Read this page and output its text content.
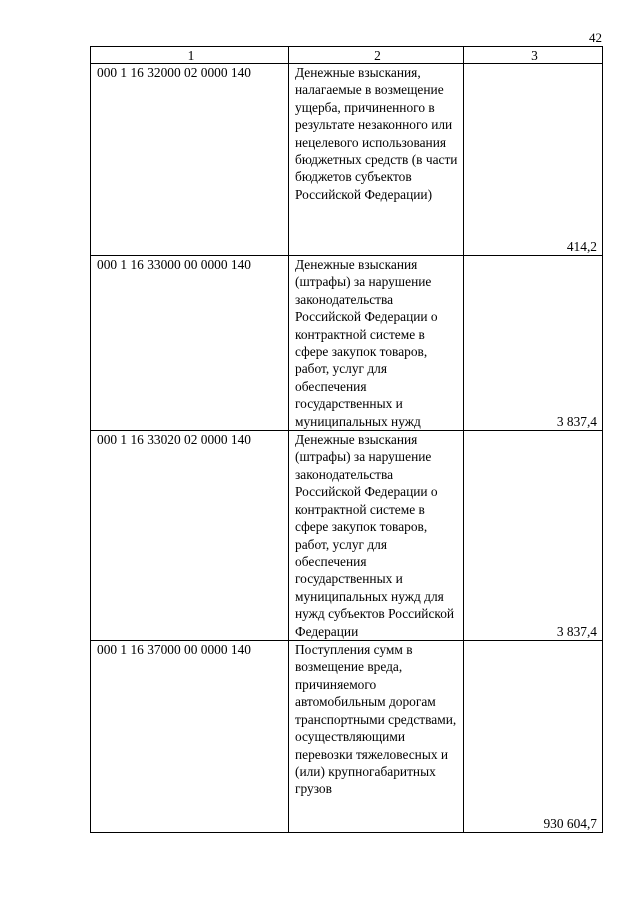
42
1	2	3
000 1 16 32000 02 0000 140	Денежные взыскания, налагаемые в возмещение ущерба, причиненного в результате незаконного или нецелевого использования бюджетных средств (в части бюджетов субъектов Российской Федерации)	414,2
000 1 16 33000 00 0000 140	Денежные взыскания (штрафы) за нарушение законодательства Российской Федерации о контрактной системе в сфере закупок товаров, работ, услуг для обеспечения государственных и муниципальных нужд	3 837,4
000 1 16 33020 02 0000 140	Денежные взыскания (штрафы) за нарушение законодательства Российской Федерации о контрактной системе в сфере закупок товаров, работ, услуг для обеспечения государственных и муниципальных нужд для нужд субъектов Российской Федерации	3 837,4
000 1 16 37000 00 0000 140	Поступления сумм в возмещение вреда, причиняемого автомобильным дорогам транспортными средствами, осуществляющими перевозки тяжеловесных и (или) крупногабаритных грузов	930 604,7
